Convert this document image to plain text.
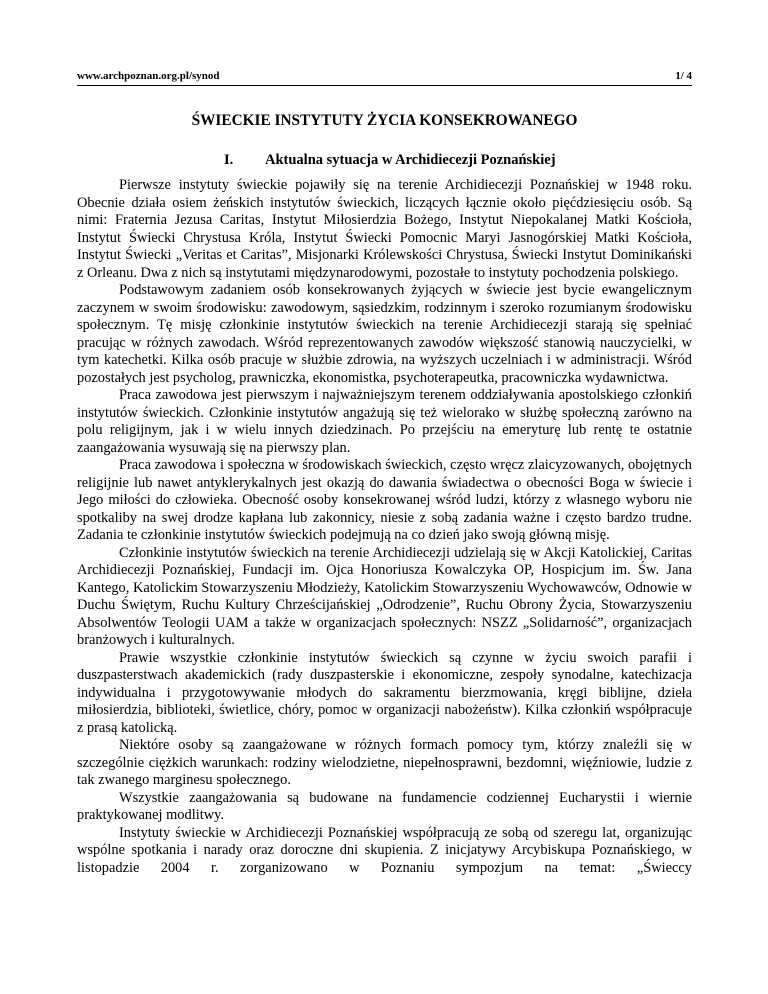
www.archpoznan.org.pl/synod	1/ 4
ŚWIECKIE INSTYTUTY ŻYCIA KONSEKROWANEGO
I. Aktualna sytuacja w Archidiecezji Poznańskiej

Pierwsze instytuty świeckie pojawiły się na terenie Archidiecezji Poznańskiej w 1948 roku. Obecnie działa osiem żeńskich instytutów świeckich, liczących łącznie około pięćdziesięciu osób. Są nimi: Fraternia Jezusa Caritas, Instytut Miłosierdzia Bożego, Instytut Niepokalanej Matki Kościoła, Instytut Świecki Chrystusa Króla, Instytut Świecki Pomocnic Maryi Jasnogórskiej Matki Kościoła, Instytut Świecki „Veritas et Caritas”, Misjonarki Królewskości Chrystusa, Świecki Instytut Dominikański z Orleanu. Dwa z nich są instytutami międzynarodowymi, pozostałe to instytuty pochodzenia polskiego.

Podstawowym zadaniem osób konsekrowanych żyjących w świecie jest bycie ewangelicznym zaczynem w swoim środowisku: zawodowym, sąsiedzkim, rodzinnym i szeroko rozumianym środowisku społecznym. Tę misję członkinie instytutów świeckich na terenie Archidiecezji starają się spełniać pracując w różnych zawodach. Wśród reprezentowanych zawodów większość stanowią nauczycielki, w tym katechetki. Kilka osób pracuje w służbie zdrowia, na wyższych uczelniach i w administracji. Wśród pozostałych jest psycholog, prawniczka, ekonomistka, psychoterapeutka, pracowniczka wydawnictwa.

Praca zawodowa jest pierwszym i najważniejszym terenem oddziaływania apostolskiego członkiń instytutów świeckich. Członkinie instytutów angażują się też wielorako w służbę społeczną zarówno na polu religijnym, jak i w wielu innych dziedzinach. Po przejściu na emeryturę lub rentę te ostatnie zaangażowania wysuwają się na pierwszy plan.

Praca zawodowa i społeczna w środowiskach świeckich, często wręcz zlaicyzowanych, obojętnych religijnie lub nawet antyklerykalnych jest okazją do dawania świadectwa o obecności Boga w świecie i Jego miłości do człowieka. Obecność osoby konsekrowanej wśród ludzi, którzy z własnego wyboru nie spotkaliby na swej drodze kapłana lub zakonnicy, niesie z sobą zadania ważne i często bardzo trudne. Zadania te członkinie instytutów świeckich podejmują na co dzień jako swoją główną misję.

Członkinie instytutów świeckich na terenie Archidiecezji udzielają się w Akcji Katolickiej, Caritas Archidiecezji Poznańskiej, Fundacji im. Ojca Honoriusza Kowalczyka OP, Hospicjum im. Św. Jana Kantego, Katolickim Stowarzyszeniu Młodzieży, Katolickim Stowarzyszeniu Wychowawców, Odnowie w Duchu Świętym, Ruchu Kultury Chrześcijańskiej „Odrodzenie”, Ruchu Obrony Życia, Stowarzyszeniu Absolwentów Teologii UAM a także w organizacjach społecznych: NSZZ „Solidarność”, organizacjach branżowych i kulturalnych.

Prawie wszystkie członkinie instytutów świeckich są czynne w życiu swoich parafii i duszpasterstwach akademickich (rady duszpasterskie i ekonomiczne, zespoły synodalne, katechizacja indywidualna i przygotowywanie młodych do sakramentu bierzmowania, kręgi biblijne, dzieła miłosierdzia, biblioteki, świetlice, chóry, pomoc w organizacji nabożeństw). Kilka członkiń współpracuje z prasą katolicką.

Niektóre osoby są zaangażowane w różnych formach pomocy tym, którzy znaleźli się w szczególnie ciężkich warunkach: rodziny wielodzietne, niepełnosprawni, bezdomni, więźniowie, ludzie z tak zwanego marginesu społecznego.

Wszystkie zaangażowania są budowane na fundamencie codziennej Eucharystii i wiernie praktykowanej modlitwy.

Instytuty świeckie w Archidiecezji Poznańskiej współpracują ze sobą od szeregu lat, organizując wspólne spotkania i narady oraz doroczne dni skupienia. Z inicjatywy Arcybiskupa Poznańskiego, w listopadzie 2004 r. zorganizowano w Poznaniu sympozjum na temat: „Świeccy
